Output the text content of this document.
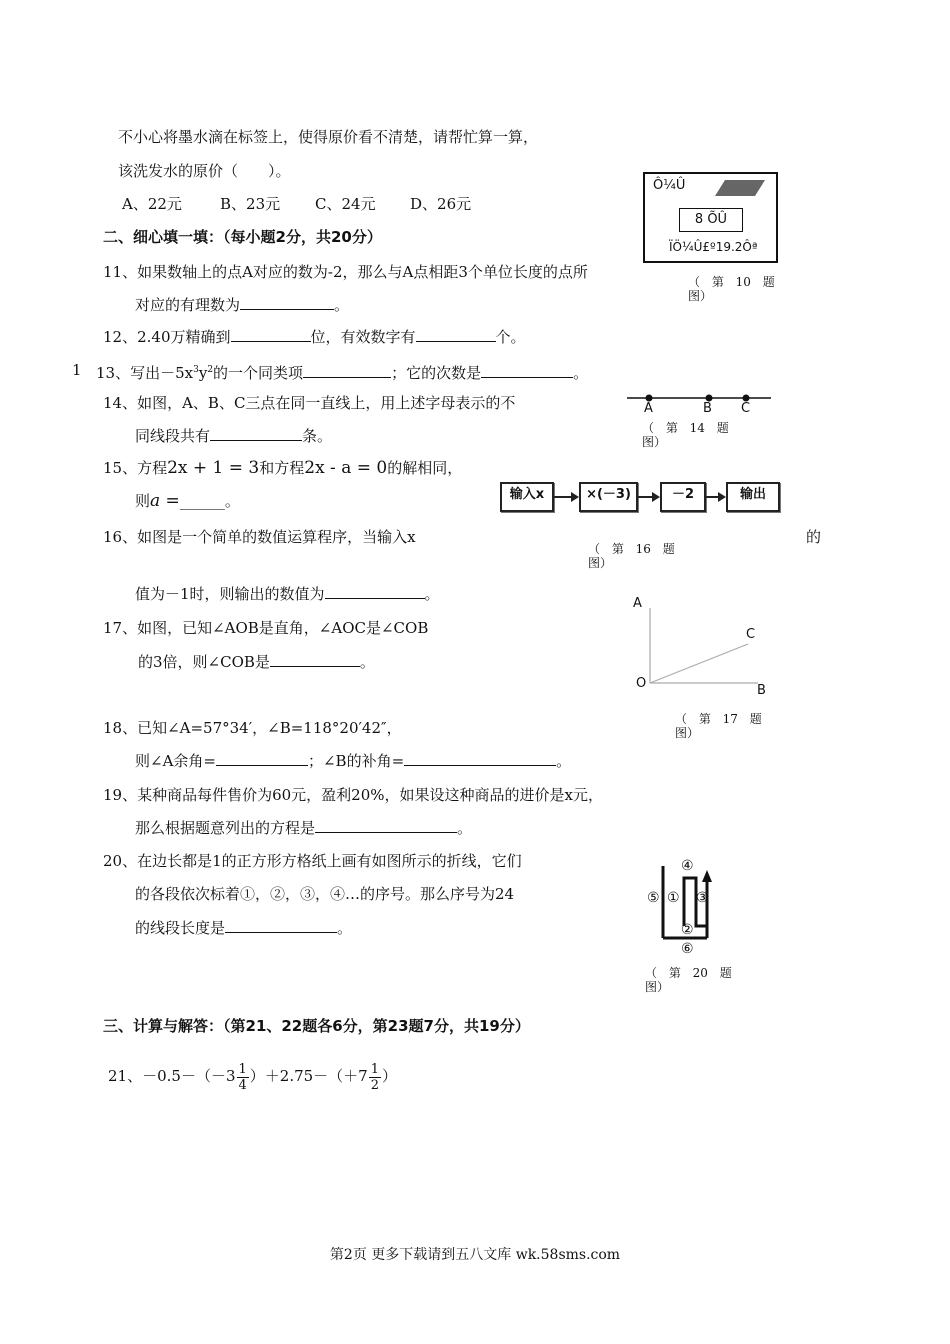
不小心将墨水滴在标签上，使得原价看不清楚，请帮忙算一算，
该洗发水的原价（　　）。
A、22元	B、23元 C、24元 D、26元
Ô¼Û
8 ÕÛ
ÏÖ¼Û£º19.2Ôª
（ 第 10 题图）
二、细心填一填：（每小题2分，共20分）
11、如果数轴上的点A对应的数为-2，那么与A点相距3个单位长度的点所
对应的有理数为	。
12、2.40万精确到	位，有效数字有	个。
1 13、写出$-5x^3y^2$的一个同类项	；它的次数是	。
14、如图，A、B、C三点在同一直线上，用上述字母表示的不
同线段共有	条。
A	B C
（ 第 14 题图）
15、方程2x + 1 = 3和方程2x - a = 0的解相同，
则a =______。	输入x	×(－3)	－2	输出
16、如图是一个简单的数值运算程序，当输入x	的
（ 第 16 题图）
值为－1时，则输出的数值为	。
A
C
O	B
17、如图，已知∠AOB是直角，∠AOC是∠COB
的3倍，则∠COB是	。
（ 第 17 题图）
18、已知∠A=57°34′，∠B=118°20′42″，
则∠A余角=	；∠B的补角=	。
19、某种商品每件售价为60元，盈利20%，如果设这种商品的进价是x元，
那么根据题意列出的方程是	。
20、在边长都是1的正方形方格纸上画有如图所示的折线，它们
的各段依次标着①，②，③，④…的序号。那么序号为24
的线段长度是	。
④
⑤ ① ③
②
⑥
（ 第 20 题图）
三、计算与解答：（第21、22题各6分，第23题7分，共19分）
21、$-0.5-(-3 \frac{1}{4} )+2.75-(+7 \frac{1}{2}$ ）
第2页 更多下载请到五八文库 wk.58sms.com
